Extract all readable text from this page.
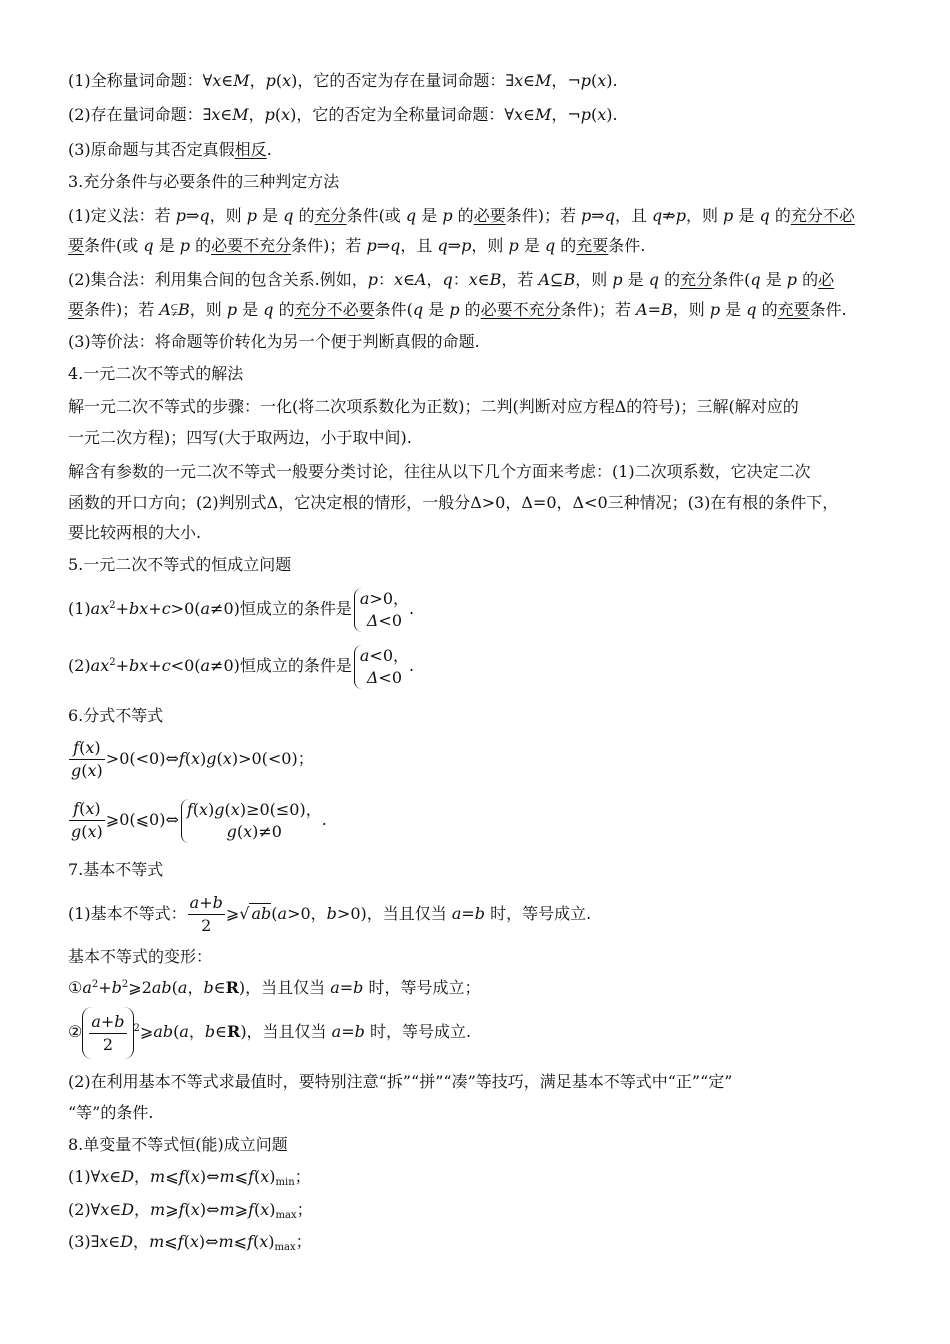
(1)全称量词命题：∀x∈M，p(x)，它的否定为存在量词命题：∃x∈M，¬p(x).
(2)存在量词命题：∃x∈M，p(x)，它的否定为全称量词命题：∀x∈M，¬p(x).
(3)原命题与其否定真假相反.
3.充分条件与必要条件的三种判定方法
(1)定义法：若 p⇒q，则 p 是 q 的充分条件(或 q 是 p 的必要条件)；若 p⇒q，且 q⇏p，则 p 是 q 的充分不必
要条件(或 q 是 p 的必要不充分条件)；若 p⇒q，且 q⇒p，则 p 是 q 的充要条件.
(2)集合法：利用集合间的包含关系.例如，p：x∈A，q：x∈B，若 A⊆B，则 p 是 q 的充分条件(q 是 p 的必
要条件)；若 A⫋B，则 p 是 q 的充分不必要条件(q 是 p 的必要不充分条件)；若 A=B，则 p 是 q 的充要条件.
(3)等价法：将命题等价转化为另一个便于判断真假的命题.
4.一元二次不等式的解法
解一元二次不等式的步骤：一化(将二次项系数化为正数)；二判(判断对应方程Δ的符号)；三解(解对应的
一元二次方程)；四写(大于取两边，小于取中间).
解含有参数的一元二次不等式一般要分类讨论，往往从以下几个方面来考虑：(1)二次项系数，它决定二次
函数的开口方向；(2)判别式Δ，它决定根的情形，一般分Δ>0，Δ=0，Δ<0三种情况；(3)在有根的条件下，
要比较两根的大小.
5.一元二次不等式的恒成立问题
$(1)ax^2+bx+c>0(a\ne 0)$恒成立的条件是
a>0，
Δ<0
.
$(2)ax^2+bx+c<0(a\ne 0)$恒成立的条件是
a<0，
Δ<0
.
6.分式不等式
$\frac{f(x)}{g(x)}$ >0(<0)⇔f(x)g(x)>0(<0)；
$\frac{f(x)}{g(x)}$ ⩾0(⩽0)⇔
f(x)g(x)≥0(≤0)，
g(x)≠0
.
7.基本不等式
(1)基本不等式： $\frac{a+b}{2}$ ⩾√ ab(a>0，b>0)，当且仅当 a=b 时，等号成立.
基本不等式的变形：
$①a^2+b^2⩾2ab(a$，b∈R)，当且仅当 a=b 时，等号成立；
② $\frac{a+b}{2}$ $^2$⩾ab(a，b∈R)，当且仅当 a=b 时，等号成立.
(2)在利用基本不等式求最值时，要特别注意“拆”“拼”“凑”等技巧，满足基本不等式中“正”“定”
“等”的条件.
8.单变量不等式恒(能)成立问题
(1)∀x∈D，$m⩽f(x)\Leftrightarrow m⩽f(x)_{min}$；
(2)∀x∈D，$m⩾f(x)\Leftrightarrow m⩾f(x)_{max}$；
(3)∃x∈D，$m⩽f(x)\Leftrightarrow m⩽f(x)_{max}$；
